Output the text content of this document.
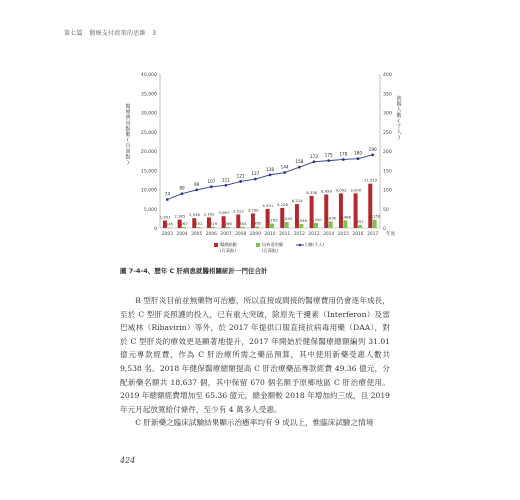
第七篇　醫療支付政策的思維　3
40,000
35,000
30,000
25,000
20,000
15,000
10,000
5,000
0
400
350
300
250
200
150
100
50
0
醫療費用點數(百萬點)
就醫人數(千人)
2003
1,951
145
2004
2,185
267
2005
2,538
252
2006
2,742
319
2007
3,067
266
2008
3,522
304
2009
3,790
385
2010
4,931
1,165
2011
5,226
1,555
2012
6,214
1,048
2013
8,338
1,340
2014
8,699
1,690
2015
9,002
1,988
2016
9,000
757
2017
11,523
2,150
年度
74
89
99
107 111
121 127
138 144
158
172 175 178 180
190
醫療點數
(百萬點)
抗病毒用藥
(百萬點)
人數(千人)
圖 7-4-4、歷年 C 肝病患就醫相關統計一門住合計

B 型肝炎目前並無藥物可治癒，所以直接或間接的醫療費用仍會逐年成長，至於 C 型肝炎照護的投入，已有重大突破，除原先干擾素（Interferon）及雷巴威林（Ribavirin）等外，於 2017 年提供口服直接抗病毒用藥（DAA），對於 C 型肝炎的療效更是顯著地提升，2017 年開始於健保醫療總額編列 31.01 億元專款經費，作為 C 肝治療所需之藥品預算，其中使用新藥受惠人數共 9,538 名。2018 年健保醫療總額提高 C 肝治療藥品專款經費 49.36 億元，分配新藥名額共 18,637 個，其中保留 670 個名額予原鄉地區 C 肝治療使用。2019 年總額經費增加至 65.36 億元，總金額較 2018 年增加約三成，且 2019 年元月起放寬給付條件，至少有 4 萬多人受惠。

C 肝新藥之臨床試驗結果顯示治癒率均有 9 成以上，惟臨床試驗之情境

424
